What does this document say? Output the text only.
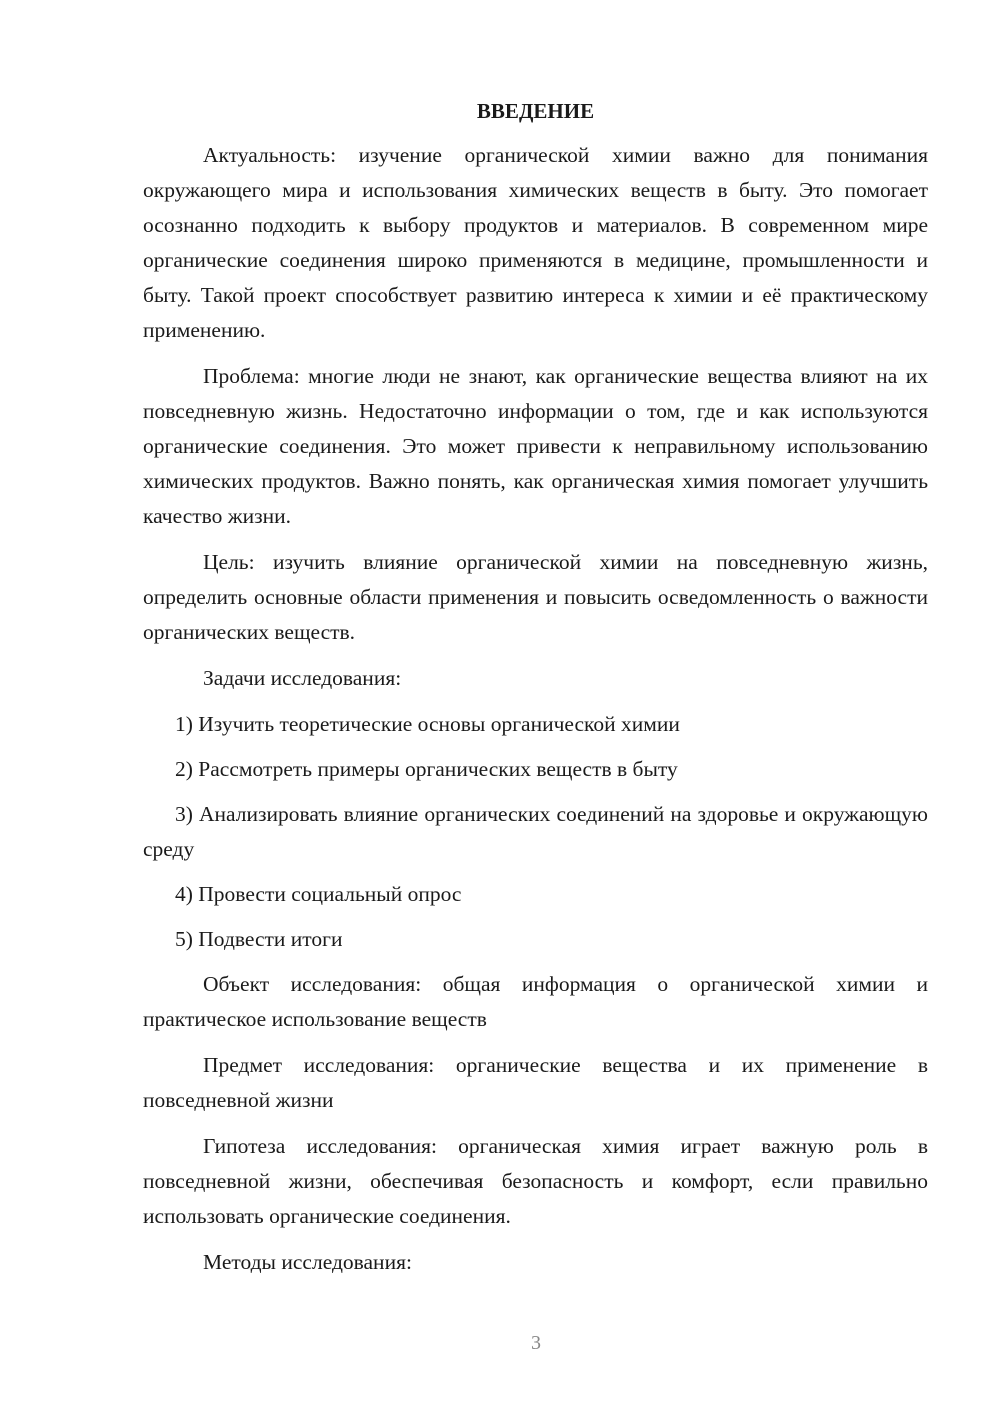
ВВЕДЕНИЕ

Актуальность: изучение органической химии важно для понимания окружающего мира и использования химических веществ в быту. Это помогает осознанно подходить к выбору продуктов и материалов. В современном мире органические соединения широко применяются в медицине, промышленности и быту. Такой проект способствует развитию интереса к химии и её практическому применению.

Проблема: многие люди не знают, как органические вещества влияют на их повседневную жизнь. Недостаточно информации о том, где и как используются органические соединения. Это может привести к неправильному использованию химических продуктов. Важно понять, как органическая химия помогает улучшить качество жизни.

Цель: изучить влияние органической химии на повседневную жизнь, определить основные области применения и повысить осведомленность о важности органических веществ.

Задачи исследования:

1) Изучить теоретические основы органической химии

2) Рассмотреть примеры органических веществ в быту

3) Анализировать влияние органических соединений на здоровье и окружающую среду

4) Провести социальный опрос

5) Подвести итоги

Объект исследования: общая информация о органической химии и практическое использование веществ

Предмет исследования: органические вещества и их применение в повседневной жизни

Гипотеза исследования: органическая химия играет важную роль в повседневной жизни, обеспечивая безопасность и комфорт, если правильно использовать органические соединения.

Методы исследования:

3
